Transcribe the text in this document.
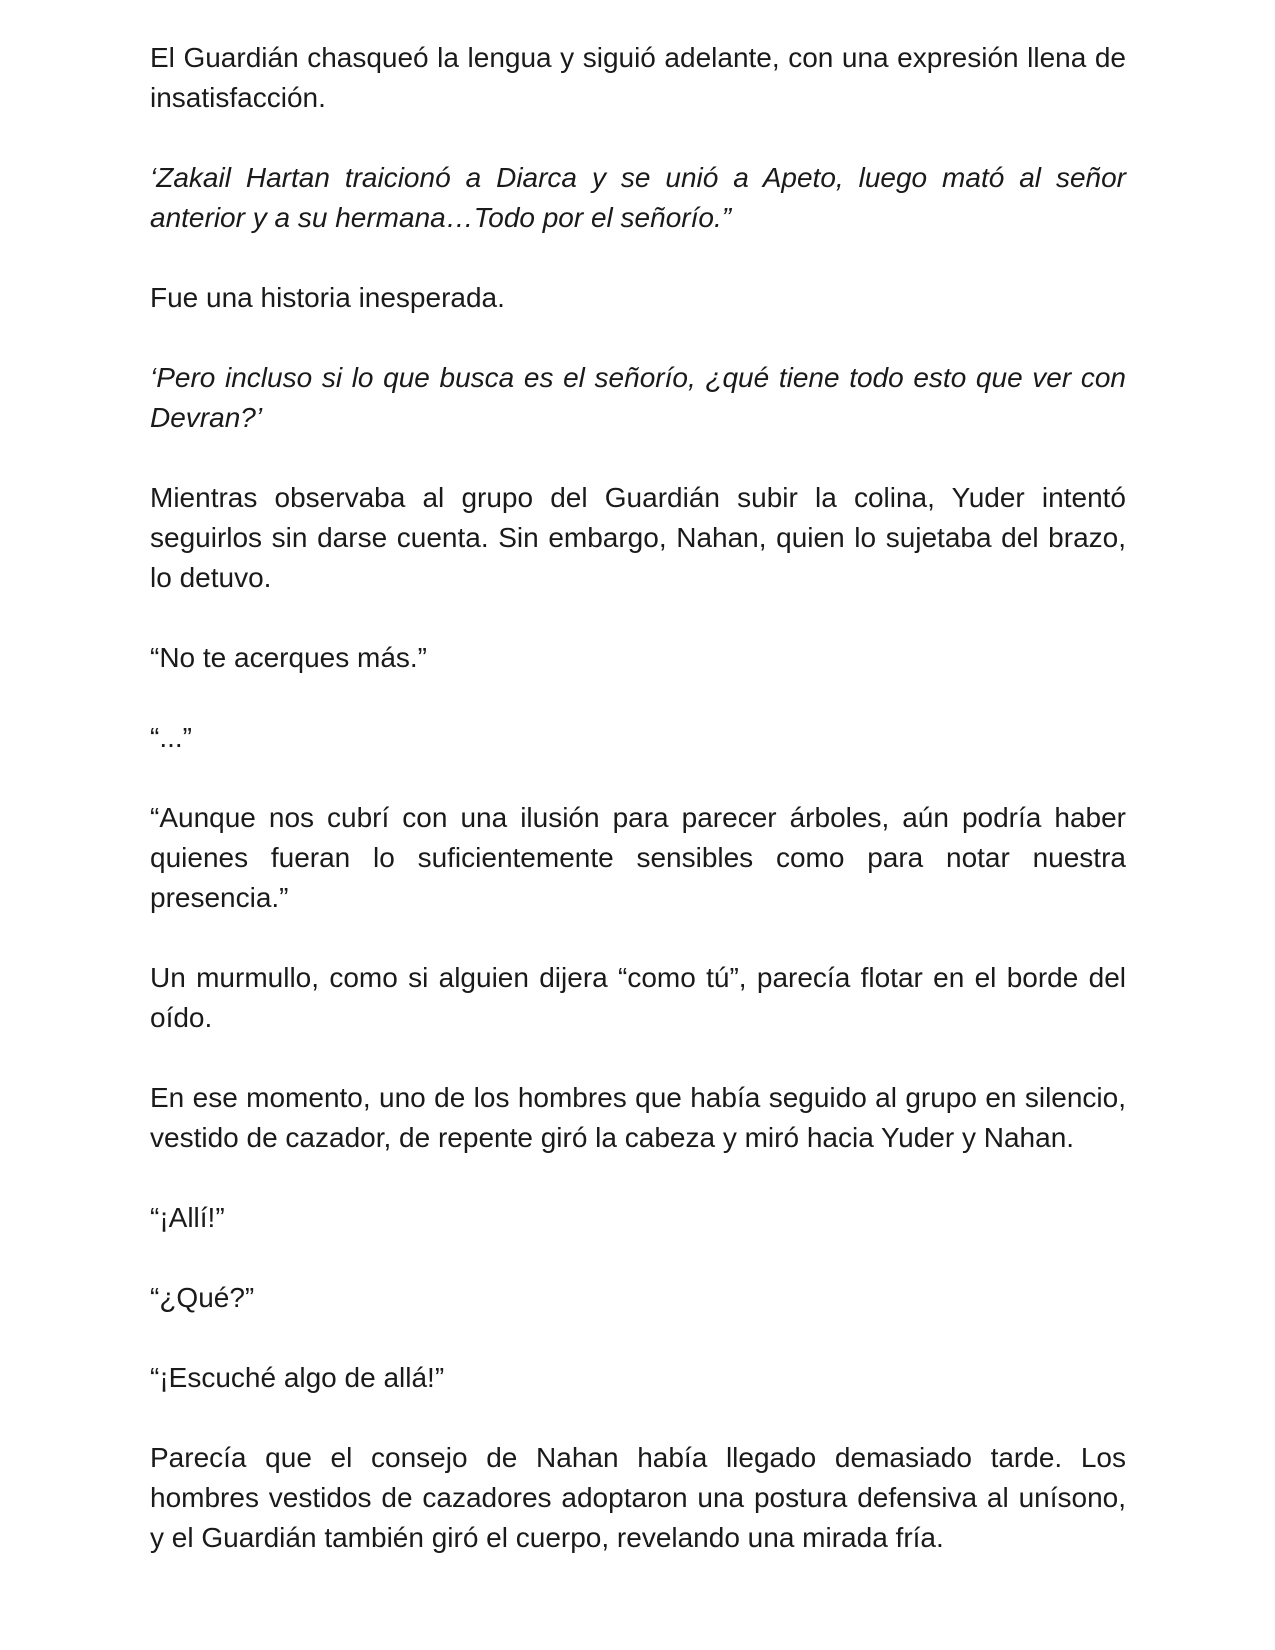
El Guardián chasqueó la lengua y siguió adelante, con una expresión llena de insatisfacción.

‘Zakail Hartan traicionó a Diarca y se unió a Apeto, luego mató al señor anterior y a su hermana…Todo por el señorío.”

Fue una historia inesperada.

‘Pero incluso si lo que busca es el señorío, ¿qué tiene todo esto que ver con Devran?’

Mientras observaba al grupo del Guardián subir la colina, Yuder intentó seguirlos sin darse cuenta. Sin embargo, Nahan, quien lo sujetaba del brazo, lo detuvo.

“No te acerques más.”

“...”

“Aunque nos cubrí con una ilusión para parecer árboles, aún podría haber quienes fueran lo suficientemente sensibles como para notar nuestra presencia.”

Un murmullo, como si alguien dijera “como tú”, parecía flotar en el borde del oído.

En ese momento, uno de los hombres que había seguido al grupo en silencio, vestido de cazador, de repente giró la cabeza y miró hacia Yuder y Nahan.

“¡Allí!”

“¿Qué?”

“¡Escuché algo de allá!”

Parecía que el consejo de Nahan había llegado demasiado tarde. Los hombres vestidos de cazadores adoptaron una postura defensiva al unísono, y el Guardián también giró el cuerpo, revelando una mirada fría.
